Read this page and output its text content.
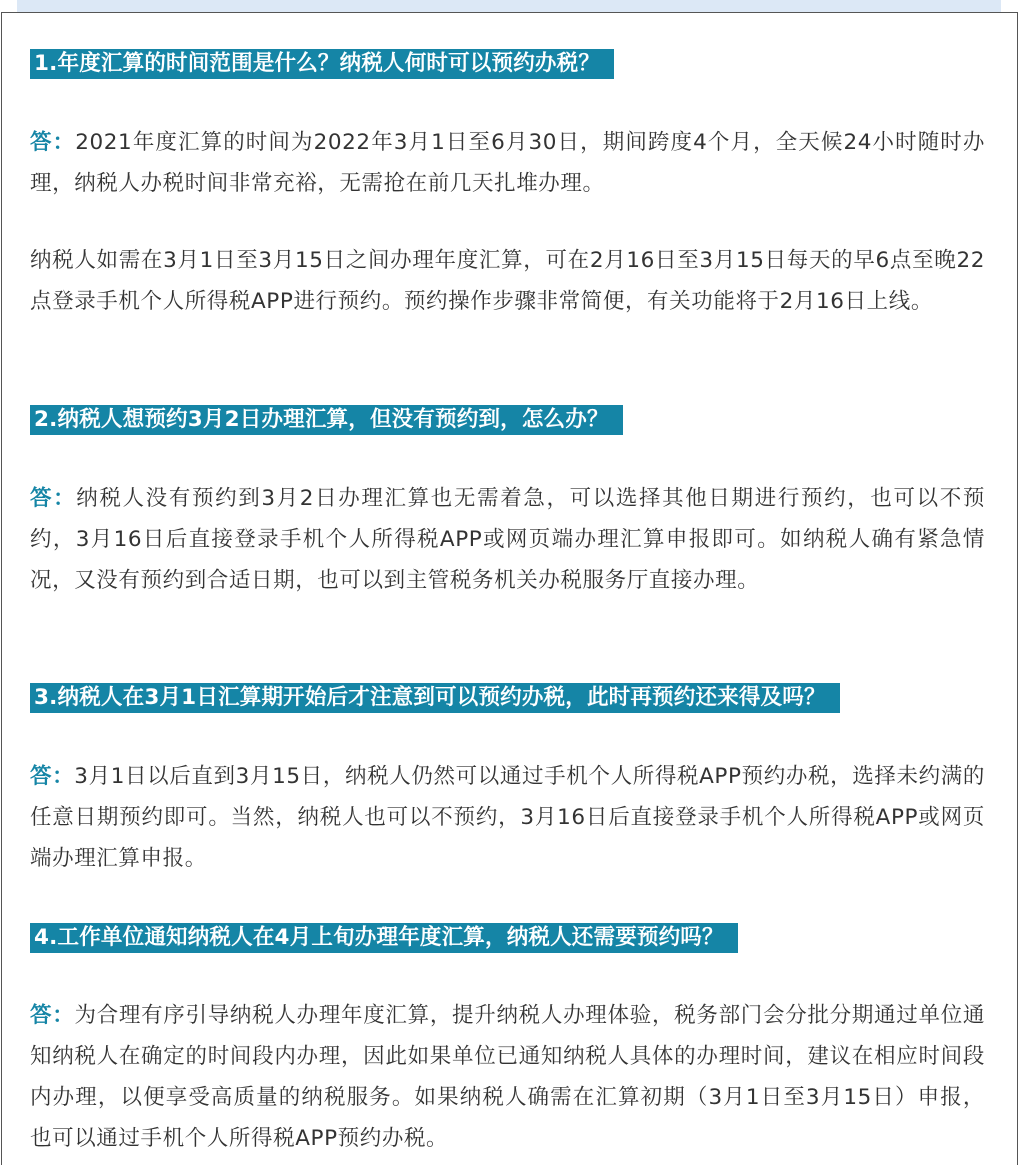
1.年度汇算的时间范围是什么？纳税人何时可以预约办税？

答：2021年度汇算的时间为2022年3月1日至6月30日，期间跨度4个月，全天候24小时随时办理，纳税人办税时间非常充裕，无需抢在前几天扎堆办理。

纳税人如需在3月1日至3月15日之间办理年度汇算，可在2月16日至3月15日每天的早6点至晚22点登录手机个人所得税APP进行预约。预约操作步骤非常简便，有关功能将于2月16日上线。

2.纳税人想预约3月2日办理汇算，但没有预约到，怎么办？

答：纳税人没有预约到3月2日办理汇算也无需着急，可以选择其他日期进行预约，也可以不预约，3月16日后直接登录手机个人所得税APP或网页端办理汇算申报即可。如纳税人确有紧急情况，又没有预约到合适日期，也可以到主管税务机关办税服务厅直接办理。

3.纳税人在3月1日汇算期开始后才注意到可以预约办税，此时再预约还来得及吗？

答：3月1日以后直到3月15日，纳税人仍然可以通过手机个人所得税APP预约办税，选择未约满的任意日期预约即可。当然，纳税人也可以不预约，3月16日后直接登录手机个人所得税APP或网页端办理汇算申报。

4.工作单位通知纳税人在4月上旬办理年度汇算，纳税人还需要预约吗？

答：为合理有序引导纳税人办理年度汇算，提升纳税人办理体验，税务部门会分批分期通过单位通知纳税人在确定的时间段内办理，因此如果单位已通知纳税人具体的办理时间，建议在相应时间段内办理，以便享受高质量的纳税服务。如果纳税人确需在汇算初期（3月1日至3月15日）申报，也可以通过手机个人所得税APP预约办税。
